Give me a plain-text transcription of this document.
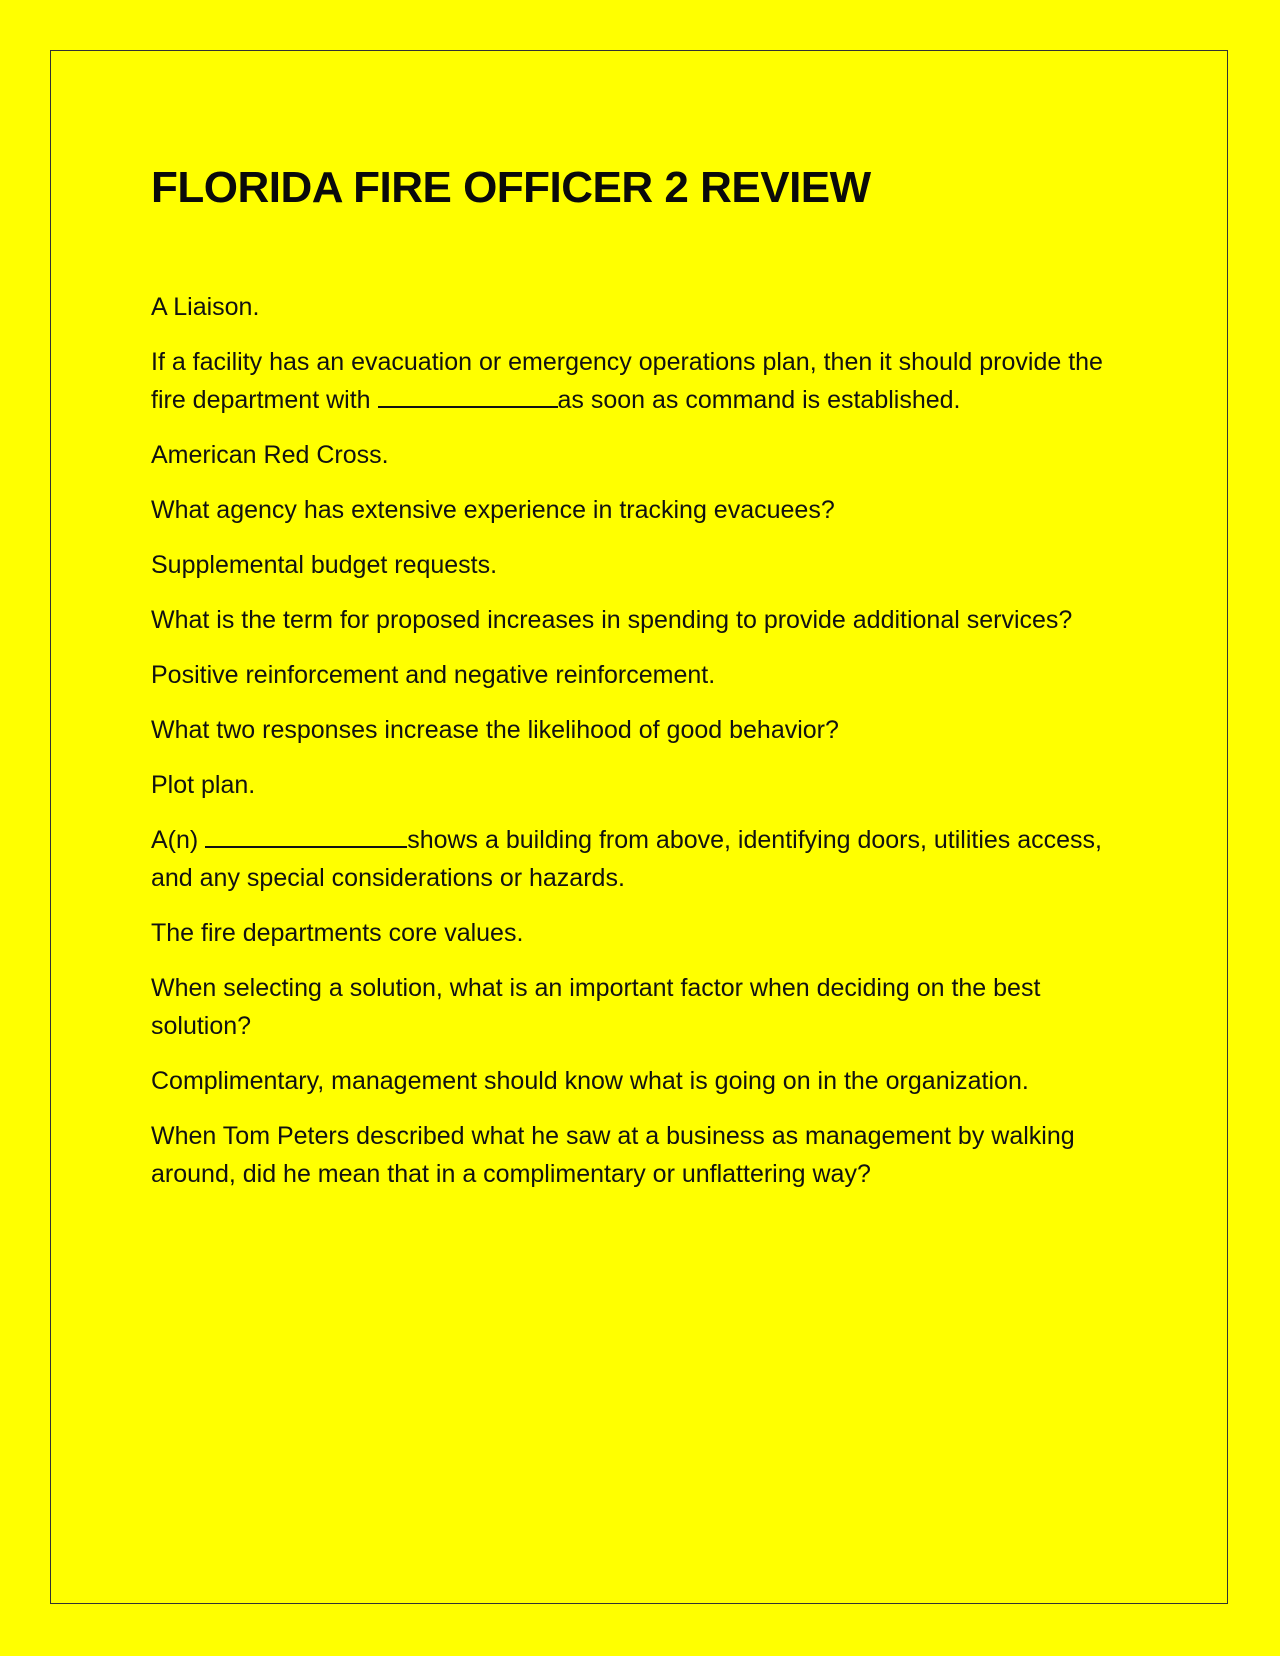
FLORIDA FIRE OFFICER 2 REVIEW

A Liaison.

If a facility has an evacuation or emergency operations plan, then it should provide the fire department with	as soon as command is established.

American Red Cross.

What agency has extensive experience in tracking evacuees?

Supplemental budget requests.

What is the term for proposed increases in spending to provide additional services?

Positive reinforcement and negative reinforcement.

What two responses increase the likelihood of good behavior?

Plot plan.

A(n)	shows a building from above, identifying doors, utilities access, and any special considerations or hazards.

The fire departments core values.

When selecting a solution, what is an important factor when deciding on the best solution?

Complimentary, management should know what is going on in the organization.

When Tom Peters described what he saw at a business as management by walking around, did he mean that in a complimentary or unflattering way?
